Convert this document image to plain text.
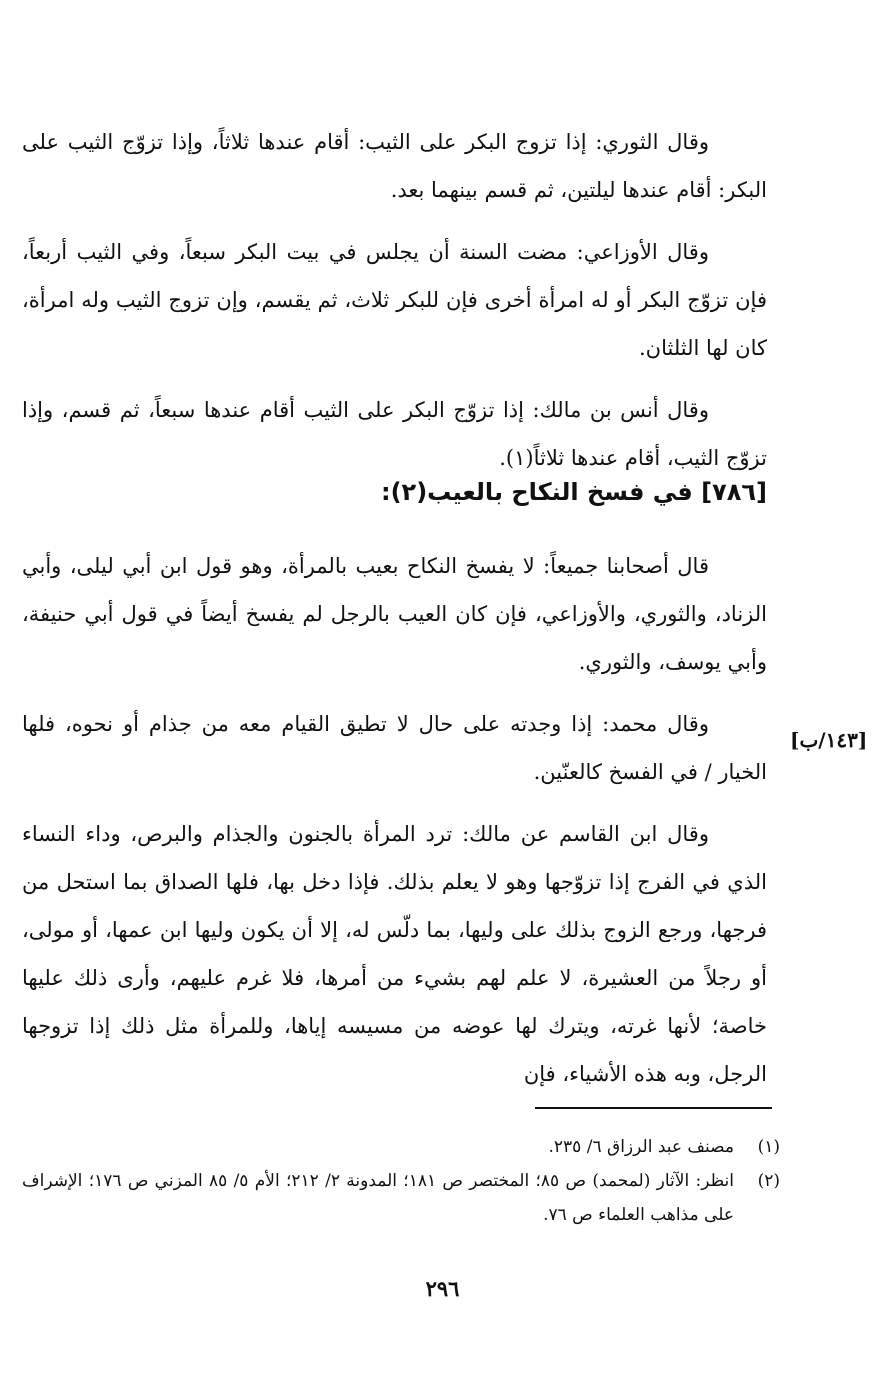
وقال الثوري: إذا تزوج البكر على الثيب: أقام عندها ثلاثاً، وإذا تزوّج الثيب على البكر: أقام عندها ليلتين، ثم قسم بينهما بعد.

وقال الأوزاعي: مضت السنة أن يجلس في بيت البكر سبعاً، وفي الثيب أربعاً، فإن تزوّج البكر أو له امرأة أخرى فإن للبكر ثلاث، ثم يقسم، وإن تزوج الثيب وله امرأة، كان لها الثلثان.

وقال أنس بن مالك: إذا تزوّج البكر على الثيب أقام عندها سبعاً، ثم قسم، وإذا تزوّج الثيب، أقام عندها ثلاثاً(١).

[٧٨٦] في فسخ النكاح بالعيب(٢):

قال أصحابنا جميعاً: لا يفسخ النكاح بعيب بالمرأة، وهو قول ابن أبي ليلى، وأبي الزناد، والثوري، والأوزاعي، فإن كان العيب بالرجل لم يفسخ أيضاً في قول أبي حنيفة، وأبي يوسف، والثوري.

وقال محمد: إذا وجدته على حال لا تطيق القيام معه من جذام أو نحوه، فلها الخيار / في الفسخ كالعنّين.

وقال ابن القاسم عن مالك: ترد المرأة بالجنون والجذام والبرص، وداء النساء الذي في الفرج إذا تزوّجها وهو لا يعلم بذلك. فإذا دخل بها، فلها الصداق بما استحل من فرجها، ورجع الزوج بذلك على وليها، بما دلّس له، إلا أن يكون وليها ابن عمها، أو مولى، أو رجلاً من العشيرة، لا علم لهم بشيء من أمرها، فلا غرم عليهم، وأرى ذلك عليها خاصة؛ لأنها غرته، ويترك لها عوضه من مسيسه إياها، وللمرأة مثل ذلك إذا تزوجها الرجل، وبه هذه الأشياء، فإن

[١٤٣/ب]
(١)
مصنف عبد الرزاق ٦/ ٢٣٥.
(٢)
انظر: الآثار (لمحمد) ص ٨٥؛ المختصر ص ١٨١؛ المدونة ٢/ ٢١٢؛ الأم ٥/ ٨٥ المزني ص ١٧٦؛ الإشراف على مذاهب العلماء ص ٧٦.
٢٩٦
